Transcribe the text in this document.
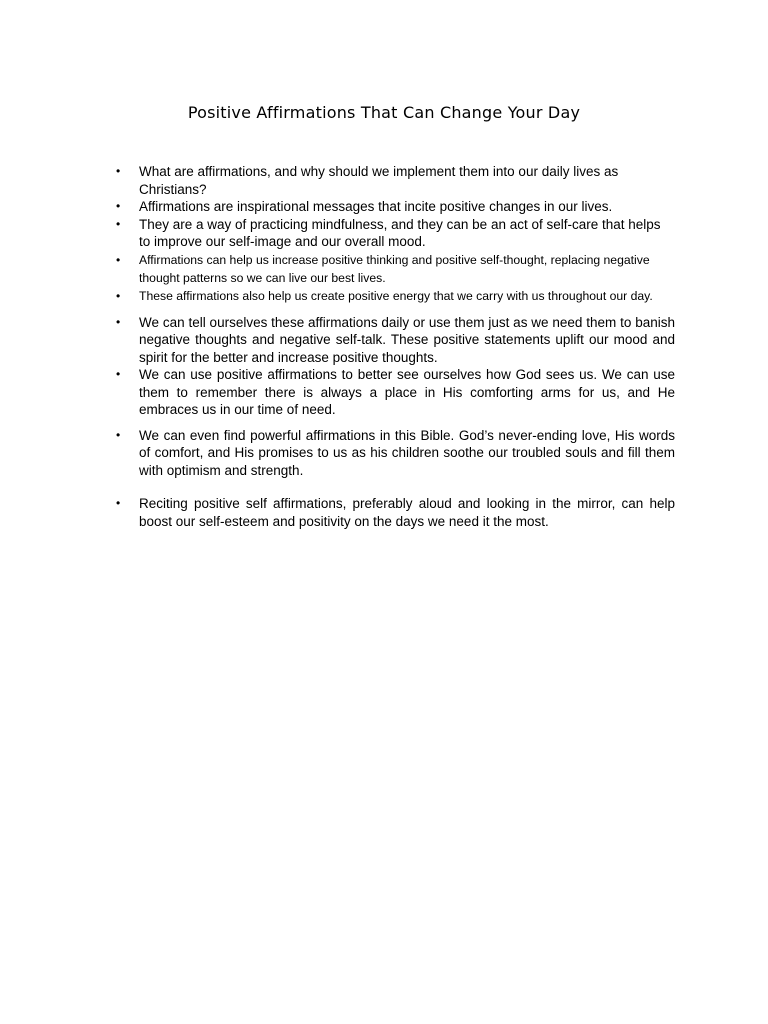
Positive Affirmations That Can Change Your Day
• What are affirmations, and why should we implement them into our daily lives as Christians?
• Affirmations are inspirational messages that incite positive changes in our lives.
• They are a way of practicing mindfulness, and they can be an act of self-care that helps to improve our self-image and our overall mood.
• Affirmations can help us increase positive thinking and positive self-thought, replacing negative thought patterns so we can live our best lives.
• These affirmations also help us create positive energy that we carry with us throughout our day.
• We can tell ourselves these affirmations daily or use them just as we need them to banish negative thoughts and negative self-talk. These positive statements uplift our mood and spirit for the better and increase positive thoughts.
• We can use positive affirmations to better see ourselves how God sees us. We can use them to remember there is always a place in His comforting arms for us, and He embraces us in our time of need.
• We can even find powerful affirmations in this Bible. God’s never-ending love, His words of comfort, and His promises to us as his children soothe our troubled souls and fill them with optimism and strength.
• Reciting positive self affirmations, preferably aloud and looking in the mirror, can help boost our self-esteem and positivity on the days we need it the most.
